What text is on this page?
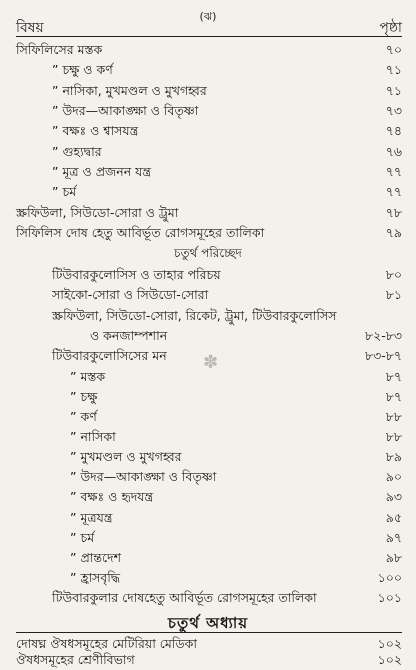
(ঝ)
বিষয়	পৃষ্ঠা
সিফিলিসের মস্তক	৭০
” চক্ষু ও কর্ণ	৭১
” নাসিকা, মুখমণ্ডল ও মুখগহ্বর	৭১
” উদর—আকাঙ্ক্ষা ও বিতৃষ্ণা	৭৩
” বক্ষঃ ও শ্বাসযন্ত্র	৭৪
” গুহ্যদ্বার	৭৬
” মূত্র ও প্রজনন যন্ত্র	৭৭
” চর্ম	৭৭
স্ক্রফিউলা, সিউডো-সোরা ও ট্রুমা	৭৮
সিফিলিস দোষ হেতু আবির্ভূত রোগসমূহের তালিকা	৭৯
চতুর্থ পরিচ্ছেদ
টিউবারকুলোসিস ও তাহার পরিচয়	৮০
সাইকো-সোরা ও সিউডো-সোরা	৮১
স্ক্রফিউলা, সিউডো-সোরা, রিকেট, ট্রুমা, টিউবারকুলোসিস
ও কনজাম্পশান	৮২-৮৩
টিউবারকুলোসিসের মন	৮৩-৮৭
” মস্তক	৮৭
” চক্ষু	৮৭
” কর্ণ	৮৮
” নাসিকা	৮৮
” মুখমণ্ডল ও মুখগহ্বর	৮৯
” উদর—আকাঙ্ক্ষা ও বিতৃষ্ণা	৯০
” বক্ষঃ ও হৃদযন্ত্র	৯৩
” মূত্রযন্ত্র	৯৫
” চর্ম	৯৭
” প্রান্তদেশ	৯৮
” হ্রাসবৃদ্ধি	১০০
টিউবারকুলার দোষহেতু আবির্ভূত রোগসমূহের তালিকা	১০১
চতুর্থ অধ্যায়
দোষঘ্ন ঔষধসমূহের মেটিরিয়া মেডিকা	১০২
ঔষধসমূহের শ্রেণীবিভাগ	১০২
✽
